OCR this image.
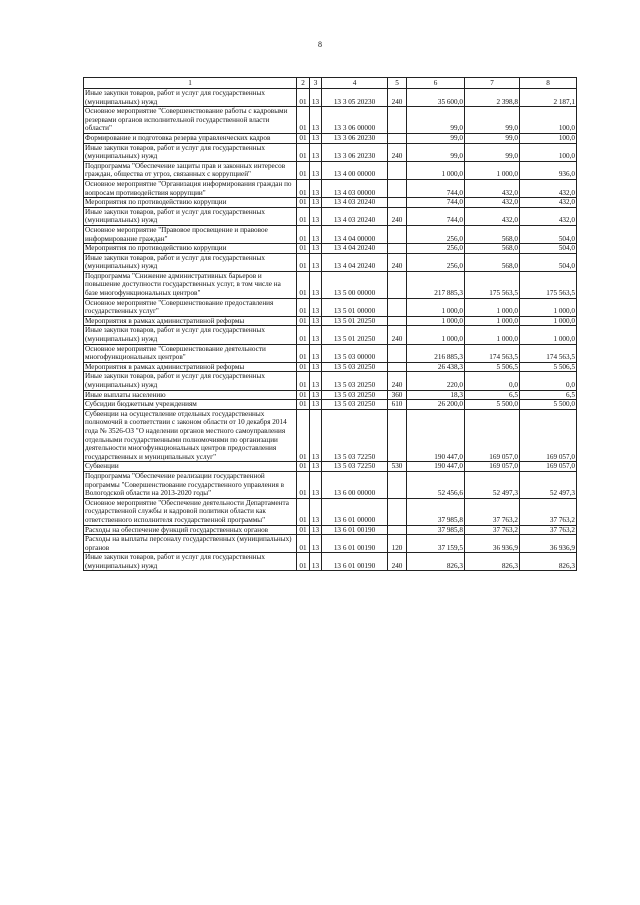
8
1	2	3	4	5	6	7	8
Иные закупки товаров, работ и услуг для государственных (муниципальных) нужд	01	13	13 3 05 20230	240	35 600,0	2 398,8	2 187,1
Основное мероприятие "Совершенствование работы с кадровыми резервами органов исполнительной государственной власти области"	01	13	13 3 06 00000		99,0	99,0	100,0
Формирование и подготовка резерва управленческих кадров	01	13	13 3 06 20230		99,0	99,0	100,0
Иные закупки товаров, работ и услуг для государственных (муниципальных) нужд	01	13	13 3 06 20230	240	99,0	99,0	100,0
Подпрограмма "Обеспечение защиты прав и законных интересов граждан, общества от угроз, связанных с коррупцией"	01	13	13 4 00 00000		1 000,0	1 000,0	936,0
Основное мероприятие "Организация информирования граждан по вопросам противодействия коррупции"	01	13	13 4 03 00000		744,0	432,0	432,0
Мероприятия по противодействию коррупции	01	13	13 4 03 20240		744,0	432,0	432,0
Иные закупки товаров, работ и услуг для государственных (муниципальных) нужд	01	13	13 4 03 20240	240	744,0	432,0	432,0
Основное мероприятие "Правовое просвещение и правовое информирование граждан"	01	13	13 4 04 00000		256,0	568,0	504,0
Мероприятия по противодействию коррупции	01	13	13 4 04 20240		256,0	568,0	504,0
Иные закупки товаров, работ и услуг для государственных (муниципальных) нужд	01	13	13 4 04 20240	240	256,0	568,0	504,0
Подпрограмма "Снижение административных барьеров и повышение доступности государственных услуг, в том числе на базе многофункциональных центров"	01	13	13 5 00 00000		217 885,3	175 563,5	175 563,5
Основное мероприятие "Совершенствование предоставления государственных услуг"	01	13	13 5 01 00000		1 000,0	1 000,0	1 000,0
Мероприятия в рамках административной реформы	01	13	13 5 01 20250		1 000,0	1 000,0	1 000,0
Иные закупки товаров, работ и услуг для государственных (муниципальных) нужд	01	13	13 5 01 20250	240	1 000,0	1 000,0	1 000,0
Основное мероприятие "Совершенствование деятельности многофункциональных центров"	01	13	13 5 03 00000		216 885,3	174 563,5	174 563,5
Мероприятия в рамках административной реформы	01	13	13 5 03 20250		26 438,3	5 506,5	5 506,5
Иные закупки товаров, работ и услуг для государственных (муниципальных) нужд	01	13	13 5 03 20250	240	220,0	0,0	0,0
Иные выплаты населению	01	13	13 5 03 20250	360	18,3	6,5	6,5
Субсидии бюджетным учреждениям	01	13	13 5 03 20250	610	26 200,0	5 500,0	5 500,0
Субвенции на осуществление отдельных государственных полномочий в соответствии с законом области от 10 декабря 2014 года № 3526-ОЗ "О наделении органов местного самоуправления отдельными государственными полномочиями по организации деятельности многофункциональных центров предоставления государственных и муниципальных услуг"	01	13	13 5 03 72250		190 447,0	169 057,0	169 057,0
Субвенции	01	13	13 5 03 72250	530	190 447,0	169 057,0	169 057,0
Подпрограмма "Обеспечение реализации государственной программы "Совершенствование государственного управления в Вологодской области на 2013-2020 годы"	01	13	13 6 00 00000		52 456,6	52 497,3	52 497,3
Основное мероприятие "Обеспечение деятельности Департамента государственной службы и кадровой политики области как ответственного исполнителя государственной программы"	01	13	13 6 01 00000		37 985,8	37 763,2	37 763,2
Расходы на обеспечение функций государственных органов	01	13	13 6 01 00190		37 985,8	37 763,2	37 763,2
Расходы на выплаты персоналу государственных (муниципальных) органов	01	13	13 6 01 00190	120	37 159,5	36 936,9	36 936,9
Иные закупки товаров, работ и услуг для государственных (муниципальных) нужд	01	13	13 6 01 00190	240	826,3	826,3	826,3
